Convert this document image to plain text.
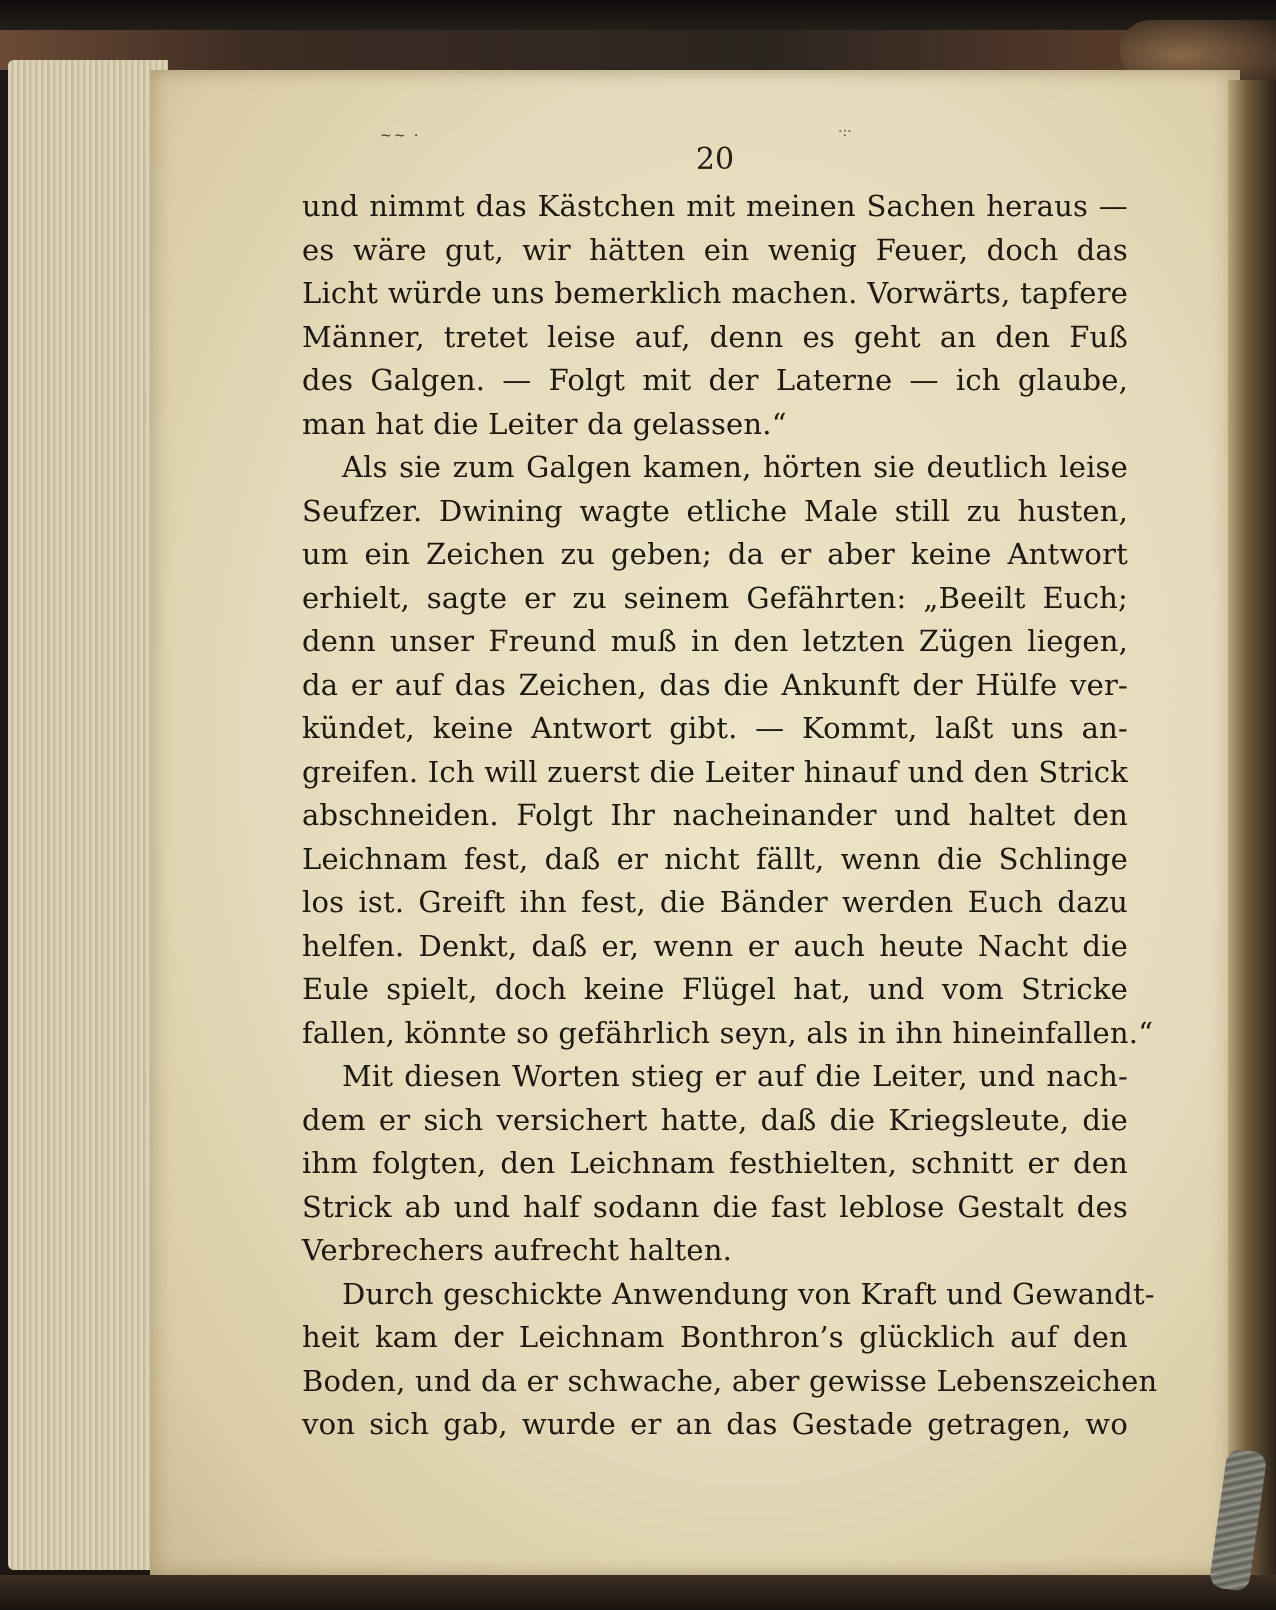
~~ ·	·:·
20
und nimmt das Kästchen mit meinen Sachen heraus —
es wäre gut, wir hätten ein wenig Feuer, doch das
Licht würde uns bemerklich machen. Vorwärts, tapfere
Männer, tretet leise auf, denn es geht an den Fuß
des Galgen. — Folgt mit der Laterne — ich glaube,
man hat die Leiter da gelassen.“
Als sie zum Galgen kamen, hörten sie deutlich leise
Seufzer. Dwining wagte etliche Male still zu husten,
um ein Zeichen zu geben; da er aber keine Antwort
erhielt, sagte er zu seinem Gefährten: „Beeilt Euch;
denn unser Freund muß in den letzten Zügen liegen,
da er auf das Zeichen, das die Ankunft der Hülfe ver-
kündet, keine Antwort gibt. — Kommt, laßt uns an-
greifen. Ich will zuerst die Leiter hinauf und den Strick
abschneiden. Folgt Ihr nacheinander und haltet den
Leichnam fest, daß er nicht fällt, wenn die Schlinge
los ist. Greift ihn fest, die Bänder werden Euch dazu
helfen. Denkt, daß er, wenn er auch heute Nacht die
Eule spielt, doch keine Flügel hat, und vom Stricke
fallen, könnte so gefährlich seyn, als in ihn hineinfallen.“
Mit diesen Worten stieg er auf die Leiter, und nach-
dem er sich versichert hatte, daß die Kriegsleute, die
ihm folgten, den Leichnam festhielten, schnitt er den
Strick ab und half sodann die fast leblose Gestalt des
Verbrechers aufrecht halten.
Durch geschickte Anwendung von Kraft und Gewandt-
heit kam der Leichnam Bonthron’s glücklich auf den
Boden, und da er schwache, aber gewisse Lebenszeichen
von sich gab, wurde er an das Gestade getragen, wo
